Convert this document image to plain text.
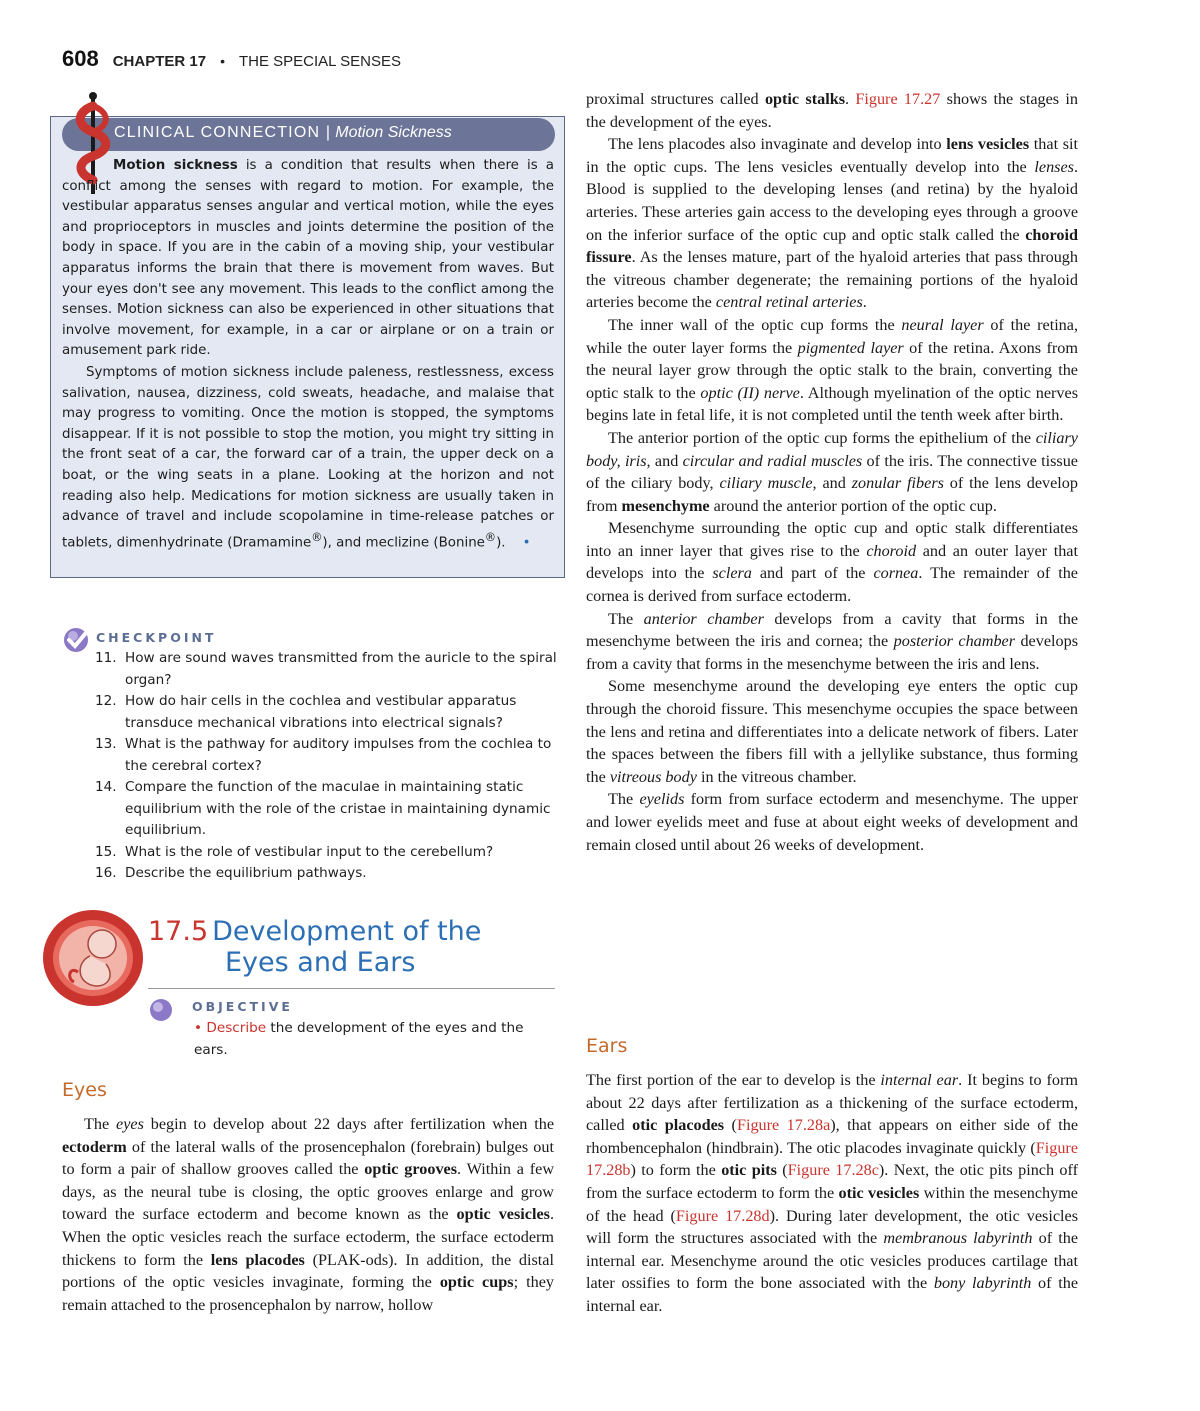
608 CHAPTER 17 • THE SPECIAL SENSES
CLINICAL CONNECTION | Motion Sickness
Motion sickness is a condition that results when there is a conflict among the senses with regard to motion. For example, the vestibular apparatus senses angular and vertical motion, while the eyes and proprioceptors in muscles and joints determine the position of the body in space. If you are in the cabin of a moving ship, your vestibular apparatus informs the brain that there is movement from waves. But your eyes don't see any movement. This leads to the conflict among the senses. Motion sickness can also be experienced in other situations that involve movement, for example, in a car or airplane or on a train or amusement park ride.
Symptoms of motion sickness include paleness, restlessness, excess salivation, nausea, dizziness, cold sweats, headache, and malaise that may progress to vomiting. Once the motion is stopped, the symptoms disappear. If it is not possible to stop the motion, you might try sitting in the front seat of a car, the forward car of a train, the upper deck on a boat, or the wing seats in a plane. Looking at the horizon and not reading also help. Medications for motion sickness are usually taken in advance of travel and include scopolamine in time-release patches or tablets, dimenhydrinate (Dramamine®), and meclizine (Bonine®). •
CHECKPOINT
11. How are sound waves transmitted from the auricle to the spiral organ?
12. How do hair cells in the cochlea and vestibular apparatus transduce mechanical vibrations into electrical signals?
13. What is the pathway for auditory impulses from the cochlea to the cerebral cortex?
14. Compare the function of the maculae in maintaining static equilibrium with the role of the cristae in maintaining dynamic equilibrium.
15. What is the role of vestibular input to the cerebellum?
16. Describe the equilibrium pathways.
17.5 Development of the
Eyes and Ears
OBJECTIVE
• Describe the development of the eyes and the ears.
Eyes

The eyes begin to develop about 22 days after fertilization when the ectoderm of the lateral walls of the prosencephalon (forebrain) bulges out to form a pair of shallow grooves called the optic grooves. Within a few days, as the neural tube is closing, the optic grooves enlarge and grow toward the surface ectoderm and become known as the optic vesicles. When the optic vesicles reach the surface ectoderm, the surface ectoderm thickens to form the lens placodes (PLAK-ods). In addition, the distal portions of the optic vesicles invaginate, forming the optic cups; they remain attached to the prosencephalon by narrow, hollow

proximal structures called optic stalks. Figure 17.27 shows the stages in the development of the eyes.

The lens placodes also invaginate and develop into lens vesicles that sit in the optic cups. The lens vesicles eventually develop into the lenses. Blood is supplied to the developing lenses (and retina) by the hyaloid arteries. These arteries gain access to the developing eyes through a groove on the inferior surface of the optic cup and optic stalk called the choroid fissure. As the lenses mature, part of the hyaloid arteries that pass through the vitreous chamber degenerate; the remaining portions of the hyaloid arteries become the central retinal arteries.

The inner wall of the optic cup forms the neural layer of the retina, while the outer layer forms the pigmented layer of the retina. Axons from the neural layer grow through the optic stalk to the brain, converting the optic stalk to the optic (II) nerve. Although myelination of the optic nerves begins late in fetal life, it is not completed until the tenth week after birth.

The anterior portion of the optic cup forms the epithelium of the ciliary body, iris, and circular and radial muscles of the iris. The connective tissue of the ciliary body, ciliary muscle, and zonular fibers of the lens develop from mesenchyme around the anterior portion of the optic cup.

Mesenchyme surrounding the optic cup and optic stalk differentiates into an inner layer that gives rise to the choroid and an outer layer that develops into the sclera and part of the cornea. The remainder of the cornea is derived from surface ectoderm.

The anterior chamber develops from a cavity that forms in the mesenchyme between the iris and cornea; the posterior chamber develops from a cavity that forms in the mesenchyme between the iris and lens.

Some mesenchyme around the developing eye enters the optic cup through the choroid fissure. This mesenchyme occupies the space between the lens and retina and differentiates into a delicate network of fibers. Later the spaces between the fibers fill with a jellylike substance, thus forming the vitreous body in the vitreous chamber.

The eyelids form from surface ectoderm and mesenchyme. The upper and lower eyelids meet and fuse at about eight weeks of development and remain closed until about 26 weeks of development.

Ears

The first portion of the ear to develop is the internal ear. It begins to form about 22 days after fertilization as a thickening of the surface ectoderm, called otic placodes (Figure 17.28a), that appears on either side of the rhombencephalon (hindbrain). The otic placodes invaginate quickly (Figure 17.28b) to form the otic pits (Figure 17.28c). Next, the otic pits pinch off from the surface ectoderm to form the otic vesicles within the mesenchyme of the head (Figure 17.28d). During later development, the otic vesicles will form the structures associated with the membranous labyrinth of the internal ear. Mesenchyme around the otic vesicles produces cartilage that later ossifies to form the bone associated with the bony labyrinth of the internal ear.
